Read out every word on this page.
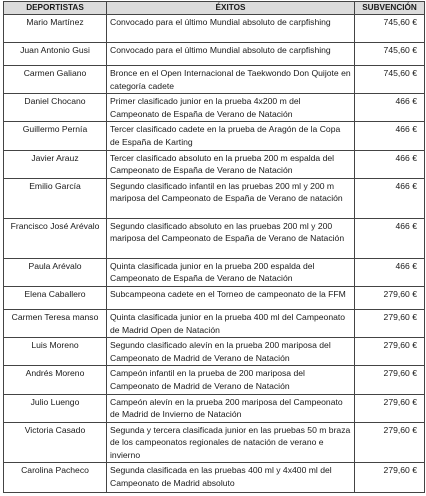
DEPORTISTAS	ÉXITOS	SUBVENCIÓN
Mario Martínez	Convocado para el último Mundial absoluto de carpfishing	745,60 €
Juan Antonio Gusi	Convocado para el último Mundial absoluto de carpfishing	745,60 €
Carmen Galiano	Bronce en el Open Internacional de Taekwondo Don Quijote en categoría cadete	745,60 €
Daniel Chocano	Primer clasificado junior en la prueba 4x200 m del Campeonato de España de Verano de Natación	466 €
Guillermo Pernía	Tercer clasificado cadete en la prueba de Aragón de la Copa de España de Karting	466 €
Javier Arauz	Tercer clasificado absoluto en la prueba 200 m espalda del Campeonato de España de Verano de Natación	466 €
Emilio García	Segundo clasificado infantil en las pruebas 200 ml y 200 m mariposa del Campeonato de España de Verano de natación	466 €
Francisco José Arévalo	Segundo clasificado absoluto en las pruebas 200 ml y 200 mariposa del Campeonato de España de Verano de Natación	466 €
Paula Arévalo	Quinta clasificada junior en la prueba 200 espalda del Campeonato de España de Verano de Natación	466 €
Elena Caballero	Subcampeona cadete en el Torneo de campeonato de la FFM	279,60 €
Carmen Teresa manso	Quinta clasificada junior en la prueba 400 ml del Campeonato de Madrid Open de Natación	279,60 €
Luis Moreno	Segundo clasificado alevín en la prueba 200 mariposa del Campeonato de Madrid de Verano de Natación	279,60 €
Andrés Moreno	Campeón infantil en la prueba de 200 mariposa del Campeonato de Madrid de Verano de Natación	279,60 €
Julio Luengo	Campeón alevín en la prueba 200 mariposa del Campeonato de Madrid de Invierno de Natación	279,60 €
Victoria Casado	Segunda y tercera clasificada junior en las pruebas 50 m braza de los campeonatos regionales de natación de verano e invierno	279,60 €
Carolina Pacheco	Segunda clasificada en las pruebas 400 ml y 4x400 ml del Campeonato de Madrid absoluto	279,60 €
